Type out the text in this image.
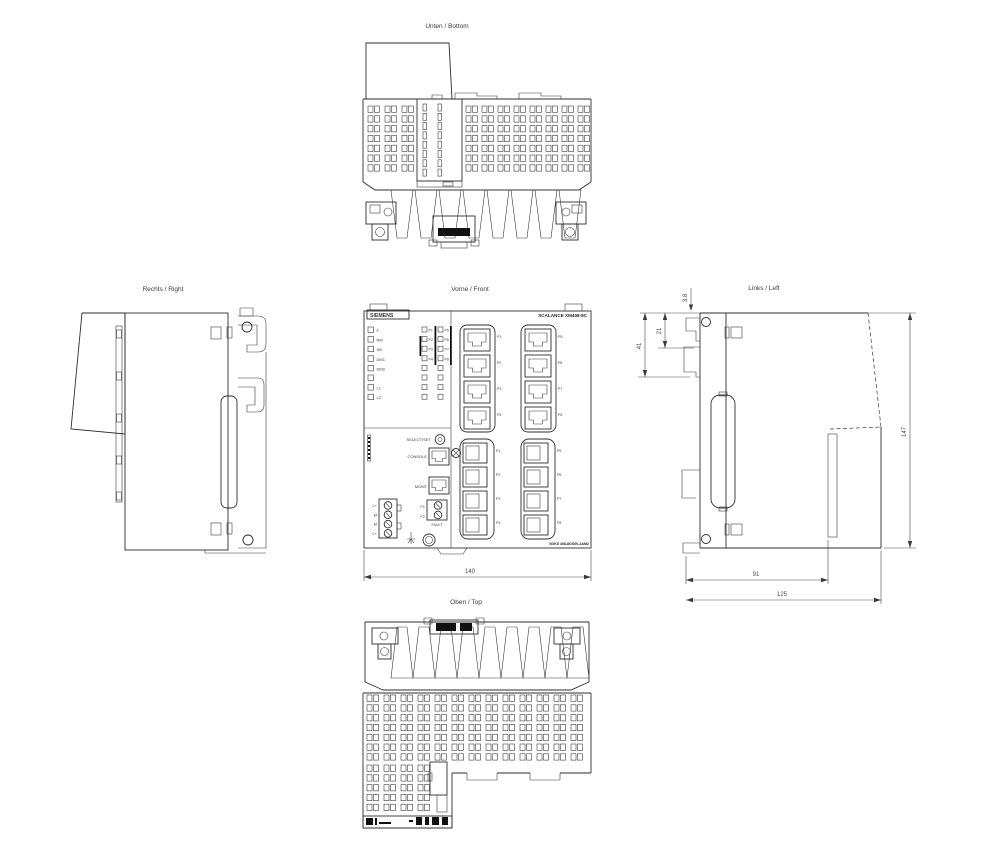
Unten / Bottom
Rechts / Right	Vorne / Front	Links / Left
Oben / Top
SIEMENS	SCALANCE XM408-8C
F
RM
SB
DM1
DM2
L1
L2
P1
P2
P3
P4
P5
P6
P7
P8
P1
P2
P3
P4
P5
P6
P7
P8
SELECT/SET
CONSOLE
MGMT
L+
M
M
L+
F1
F2
FAULT
P1
P2
P3
P4
P5
P6
P7
P8
6GK5 408-8GS00-2AM2
140
3.8
21
41
147
91
125
